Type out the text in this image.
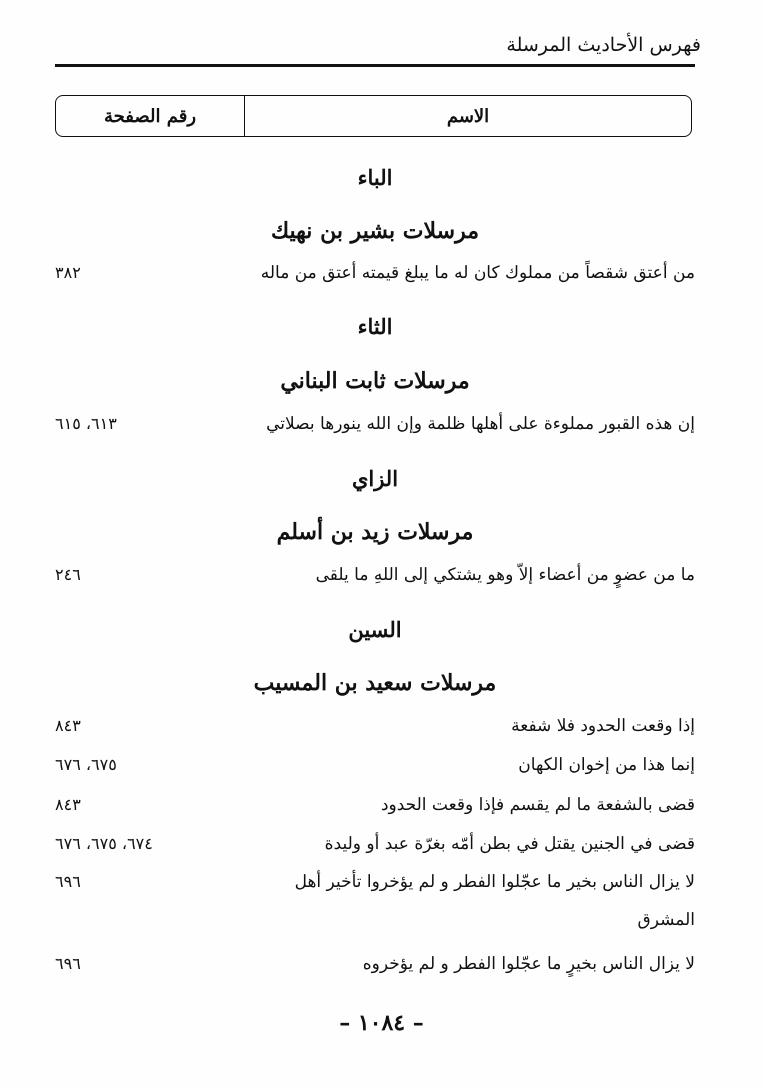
فهرس الأحاديث المرسلة
الاسم
رقم الصفحة
الباء
مرسلات بشير بن نهيك
من أعتق شقصاً من مملوك كان له ما يبلغ قيمته أعتق من ماله
٣٨٢
الثاء
مرسلات ثابت البناني
إن هذه القبور مملوءة على أهلها ظلمة وإن الله ينورها بصلاتي
٦١٣، ٦١٥
الزاي
مرسلات زيد بن أسلم
ما من عضوٍ من أعضاء إلاّ وهو يشتكي إلى اللهِ ما يلقى
٢٤٦
السين
مرسلات سعيد بن المسيب
إذا وقعت الحدود فلا شفعة
٨٤٣
إنما هذا من إخوان الكهان
٦٧٥، ٦٧٦
قضى بالشفعة ما لم يقسم فإذا وقعت الحدود
٨٤٣
قضى في الجنين يقتل في بطن أمّه بغرّة عبد أو وليدة
٦٧٤، ٦٧٥، ٦٧٦
لا يزال الناس بخير ما عجّلوا الفطر و لم يؤخروا تأخير أهل
٦٩٦
المشرق
لا يزال الناس بخيرٍ ما عجّلوا الفطر و لم يؤخروه
٦٩٦
– ١٠٨٤ –
